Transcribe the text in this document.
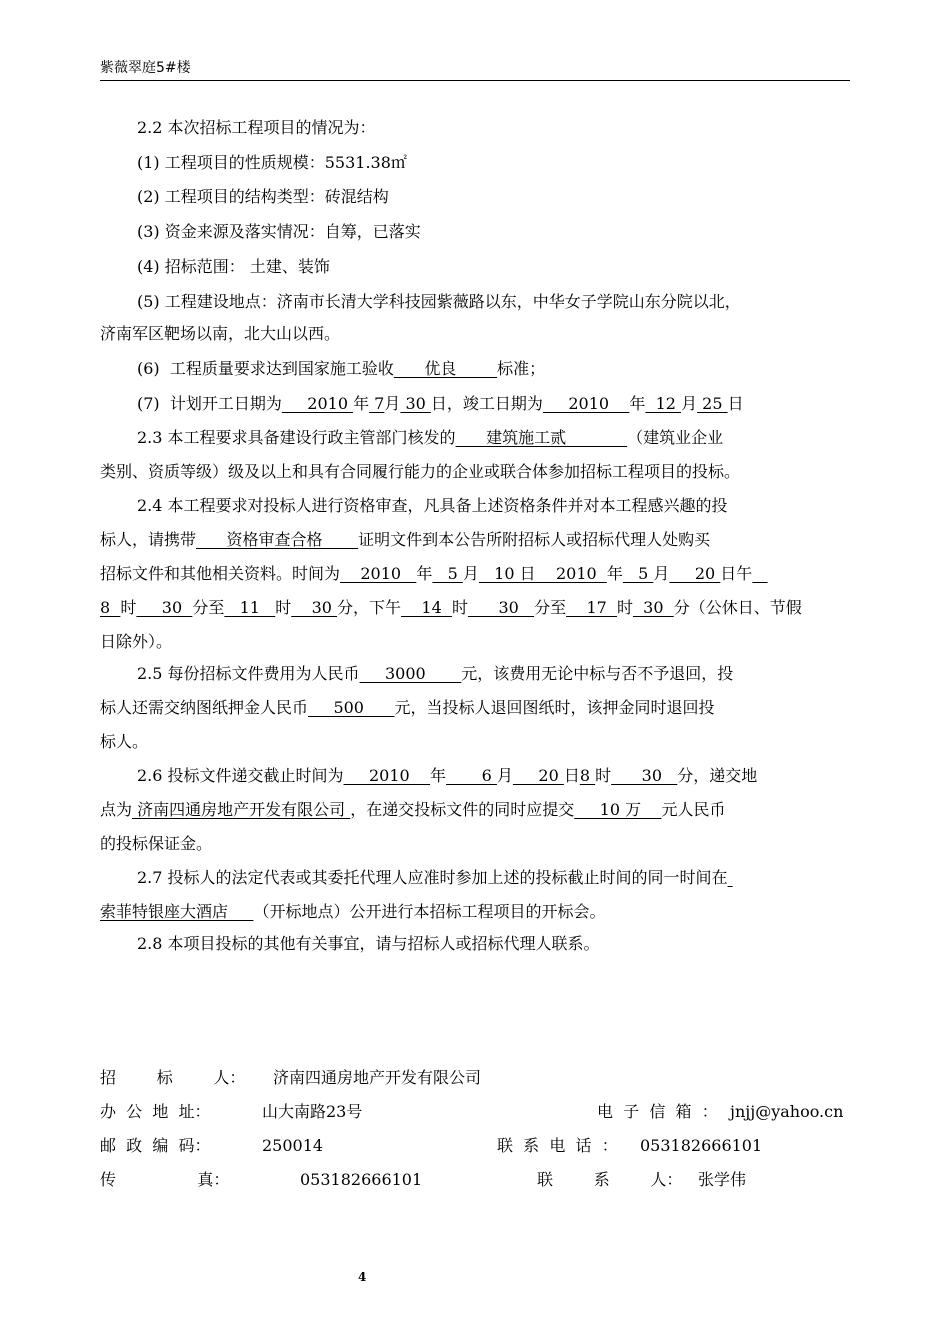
紫薇翠庭5#楼
2.2 本次招标工程项目的情况为：
(1) 工程项目的性质规模：5531.38㎡
(2) 工程项目的结构类型：砖混结构
(3) 资金来源及落实情况：自筹，已落实
(4) 招标范围： 土建、装饰
(5) 工程建设地点：济南市长清大学科技园紫薇路以东，中华女子学院山东分院以北，
济南军区靶场以南，北大山以西。
(6)  工程质量要求达到国家施工验收      优良        标准；
(7)  计划开工日期为     2010 年 7月 30 日，竣工日期为     2010    年  12 月 25 日
2.3 本工程要求具备建设行政主管部门核发的      建筑施工贰            （建筑业企业
类别、资质等级）级及以上和具有合同履行能力的企业或联合体参加招标工程项目的投标。
2.4 本工程要求对投标人进行资格审查，凡具备上述资格条件并对本工程感兴趣的投
标人，请携带      资格审查合格       证明文件到本公告所附招标人或招标代理人处购买
招标文件和其他相关资料。时间为    2010   年   5 月   10 日    2010  年   5 月     20 日午
8  时     30  分至   11   时    30 分，下午    14  时      30   分至    17  时  30  分（公休日、节假
日除外）。
2.5 每份招标文件费用为人民币     3000       元，该费用无论中标与否不予退回，投
标人还需交纳图纸押金人民币     500      元，当投标人退回图纸时，该押金同时退回投
标人。
2.6 投标文件递交截止时间为     2010    年       6 月     20 日8 时      30   分，递交地
点为 济南四通房地产开发有限公司 ，在递交投标文件的同时应提交     10 万    元人民币
的投标保证金。
2.7 投标人的法定代表或其委托代理人应准时参加上述的投标截止时间的同一时间在
索菲特银座大酒店     （开标地点）公开进行本招标工程项目的开标会。
2.8 本项目投标的其他有关事宜，请与招标人或招标代理人联系。
招        标        人： 济南四通房地产开发有限公司
办  公  地  址：	山大南路23号	电  子  信  箱  ： jnjj@yahoo.cn
邮  政  编  码：	250014	联  系  电  话  ： 053182666101
传                真：	053182666101	联        系        人： 张学伟
4
